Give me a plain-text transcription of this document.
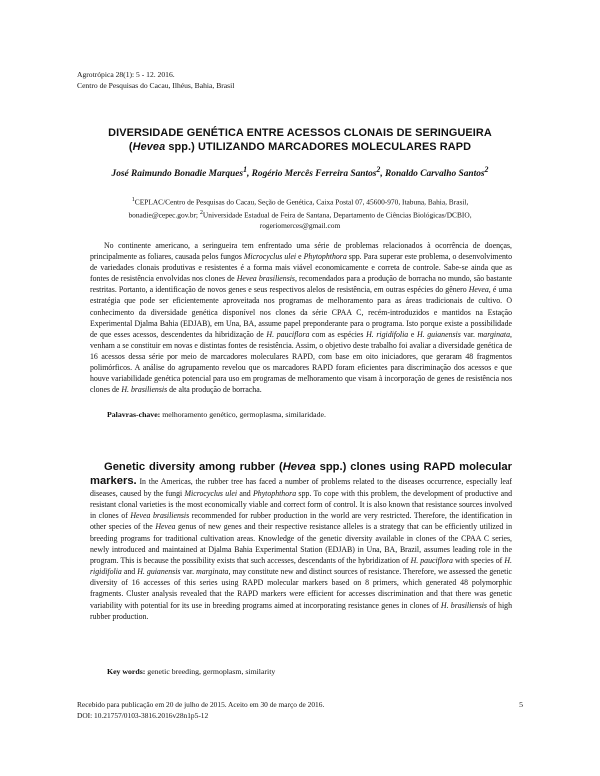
Agrotrópica 28(1): 5 - 12. 2016.
Centro de Pesquisas do Cacau, Ilhéus, Bahia, Brasil
DIVERSIDADE GENÉTICA ENTRE ACESSOS CLONAIS DE SERINGUEIRA
(Hevea spp.) UTILIZANDO MARCADORES MOLECULARES RAPD
José Raimundo Bonadie Marques$^1$, Rogério Mercês Ferreira Santos$^2$, Ronaldo Carvalho Santos$^2$
$^1$CEPLAC/Centro de Pesquisas do Cacau, Seção de Genética, Caixa Postal 07, 45600-970, Itabuna, Bahia, Brasil,
bonadie@cepec.gov.br; $^2$Universidade Estadual de Feira de Santana, Departamento de Ciências Biológicas/DCBIO,
rogeriomerces@gmail.com
No continente americano, a seringueira tem enfrentado uma série de problemas relacionados à ocorrência de doenças, principalmente as foliares, causada pelos fungos Microcyclus ulei e Phytophthora spp. Para superar este problema, o desenvolvimento de variedades clonais produtivas e resistentes é a forma mais viável economicamente e correta de controle. Sabe-se ainda que as fontes de resistência envolvidas nos clones de Hevea brasiliensis, recomendados para a produção de borracha no mundo, são bastante restritas. Portanto, a identificação de novos genes e seus respectivos alelos de resistência, em outras espécies do gênero Hevea, é uma estratégia que pode ser eficientemente aproveitada nos programas de melhoramento para as áreas tradicionais de cultivo. O conhecimento da diversidade genética disponível nos clones da série CPAA C, recém-introduzidos e mantidos na Estação Experimental Djalma Bahia (EDJAB), em Una, BA, assume papel preponderante para o programa. Isto porque existe a possibilidade de que esses acessos, descendentes da hibridização de H. pauciflora com as espécies H. rigidifolia e H. guianensis var. marginata, venham a se constituir em novas e distintas fontes de resistência. Assim, o objetivo deste trabalho foi avaliar a diversidade genética de 16 acessos dessa série por meio de marcadores moleculares RAPD, com base em oito iniciadores, que geraram 48 fragmentos polimórficos. A análise do agrupamento revelou que os marcadores RAPD foram eficientes para discriminação dos acessos e que houve variabilidade genética potencial para uso em programas de melhoramento que visam à incorporação de genes de resistência nos clones de H. brasiliensis de alta produção de borracha.
Palavras-chave: melhoramento genético, germoplasma, similaridade.
Genetic diversity among rubber (Hevea spp.) clones using RAPD molecular markers. In the Americas, the rubber tree has faced a number of problems related to the diseases occurrence, especially leaf diseases, caused by the fungi Microcyclus ulei and Phytophthora spp. To cope with this problem, the development of productive and resistant clonal varieties is the most economically viable and correct form of control. It is also known that resistance sources involved in clones of Hevea brasiliensis recommended for rubber production in the world are very restricted. Therefore, the identification in other species of the Hevea genus of new genes and their respective resistance alleles is a strategy that can be efficiently utilized in breeding programs for traditional cultivation areas. Knowledge of the genetic diversity available in clones of the CPAA C series, newly introduced and maintained at Djalma Bahia Experimental Station (EDJAB) in Una, BA, Brazil, assumes leading role in the program. This is because the possibility exists that such accesses, descendants of the hybridization of H. pauciflora with species of H. rigidifolia and H. guianensis var. marginata, may constitute new and distinct sources of resistance. Therefore, we assessed the genetic diversity of 16 accesses of this series using RAPD molecular markers based on 8 primers, which generated 48 polymorphic fragments. Cluster analysis revealed that the RAPD markers were efficient for accesses discrimination and that there was genetic variability with potential for its use in breeding programs aimed at incorporating resistance genes in clones of H. brasiliensis of high rubber production.
Key words: genetic breeding, germoplasm, similarity
Recebido para publicação em 20 de julho de 2015. Aceito em 30 de março de 2016.
DOI: 10.21757/0103-3816.2016v28n1p5-12
5
